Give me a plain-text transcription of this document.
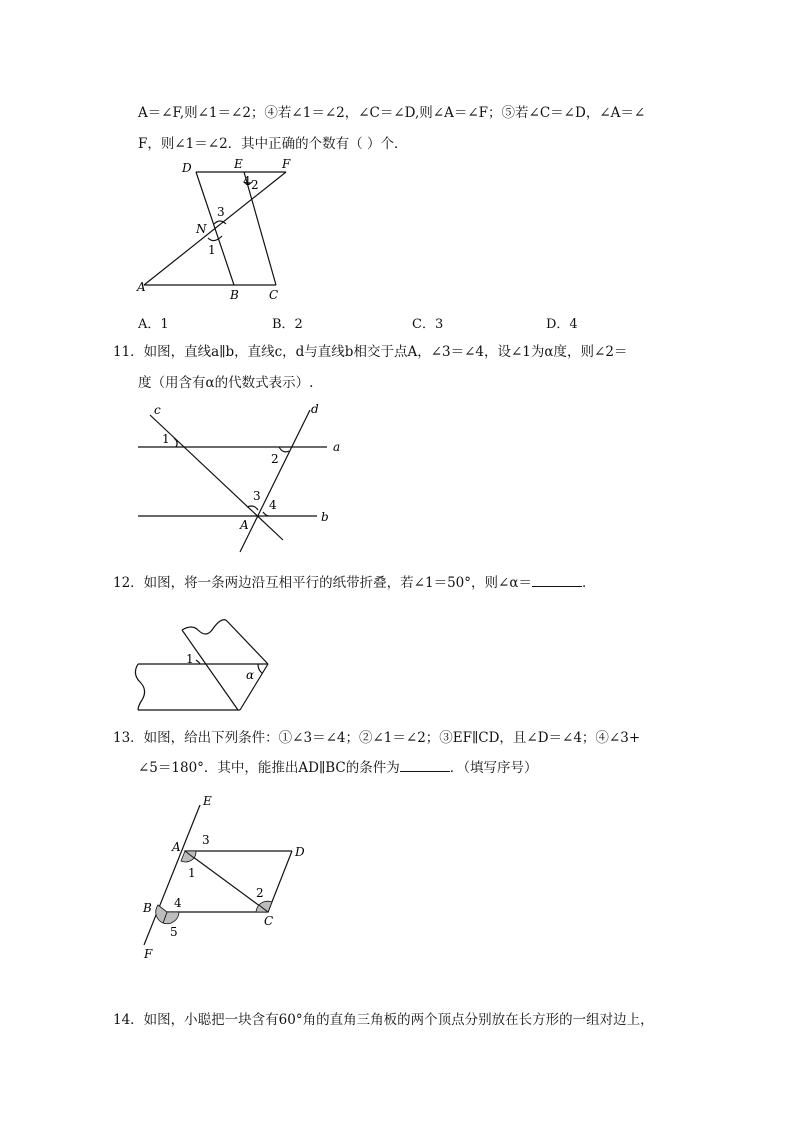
A＝∠F,则∠1＝∠2；④若∠1＝∠2，∠C＝∠D,则∠A＝∠F；⑤若∠C＝∠D，∠A＝∠
F，则∠1＝∠2．其中正确的个数有（ ）个．
D	E	F
4 2
3
N
1
A
B	C
A．1	B．2	C．3	D．4
11．如图，直线a∥b，直线c，d与直线b相交于点A，∠3＝∠4，设∠1为α度，则∠2＝
度（用含有α的代数式表示）.
c	d
a
b
A
1
2
3
4
12．如图，将一条两边沿互相平行的纸带折叠，若∠1＝50°，则∠α＝	．
1
α
13．如图，给出下列条件：①∠3＝∠4；②∠1＝∠2；③EF∥CD，且∠D＝∠4；④∠3+
∠5＝180°．其中，能推出AD∥BC的条件为	．（填写序号）
E
A	D
B
C
F
3
1
2
4
5
14．如图，小聪把一块含有60°角的直角三角板的两个顶点分别放在长方形的一组对边上，
